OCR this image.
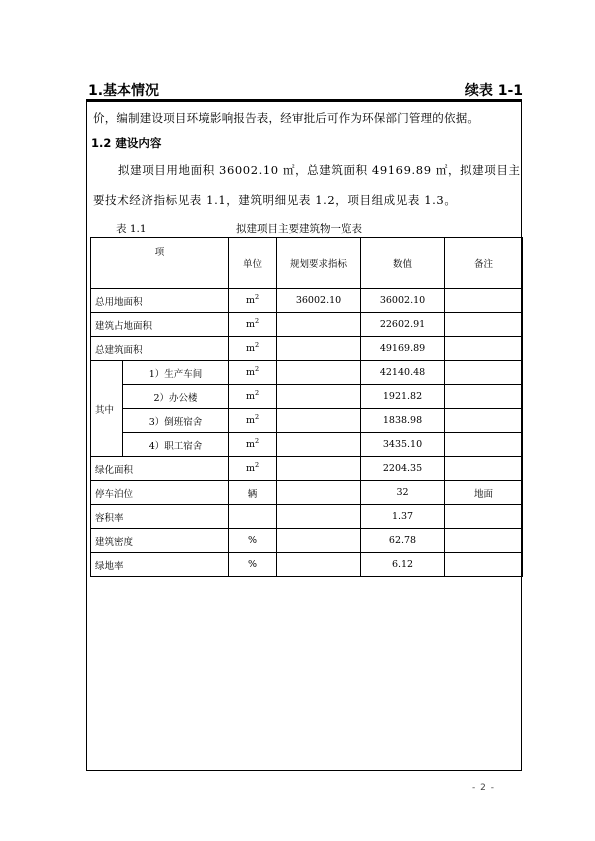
1.基本情况	续表 1-1
价，编制建设项目环境影响报告表，经审批后可作为环保部门管理的依据。
1.2 建设内容
拟建项目用地面积 36002.10 ㎡，总建筑面积 49169.89 ㎡，拟建项目主
要技术经济指标见表 1.1，建筑明细见表 1.2，项目组成见表 1.3。
表 1.1	拟建项目主要建筑物一览表
项		单位	规划要求指标	数值	备注
总用地面积		$m^2$	36002.10	36002.10	
建筑占地面积		$m^2$		22602.91	
总建筑面积		$m^2$		49169.89	
其中	1）生产车间	$m^2$		42140.48	
	2）办公楼	$m^2$		1921.82	
	3）倒班宿舍	$m^2$		1838.98	
	4）职工宿舍	$m^2$		3435.10	
绿化面积		$m^2$		2204.35	
停车泊位		辆		32	地面
容积率				1.37	
建筑密度		%		62.78	
绿地率		%		6.12	
- 2 -
